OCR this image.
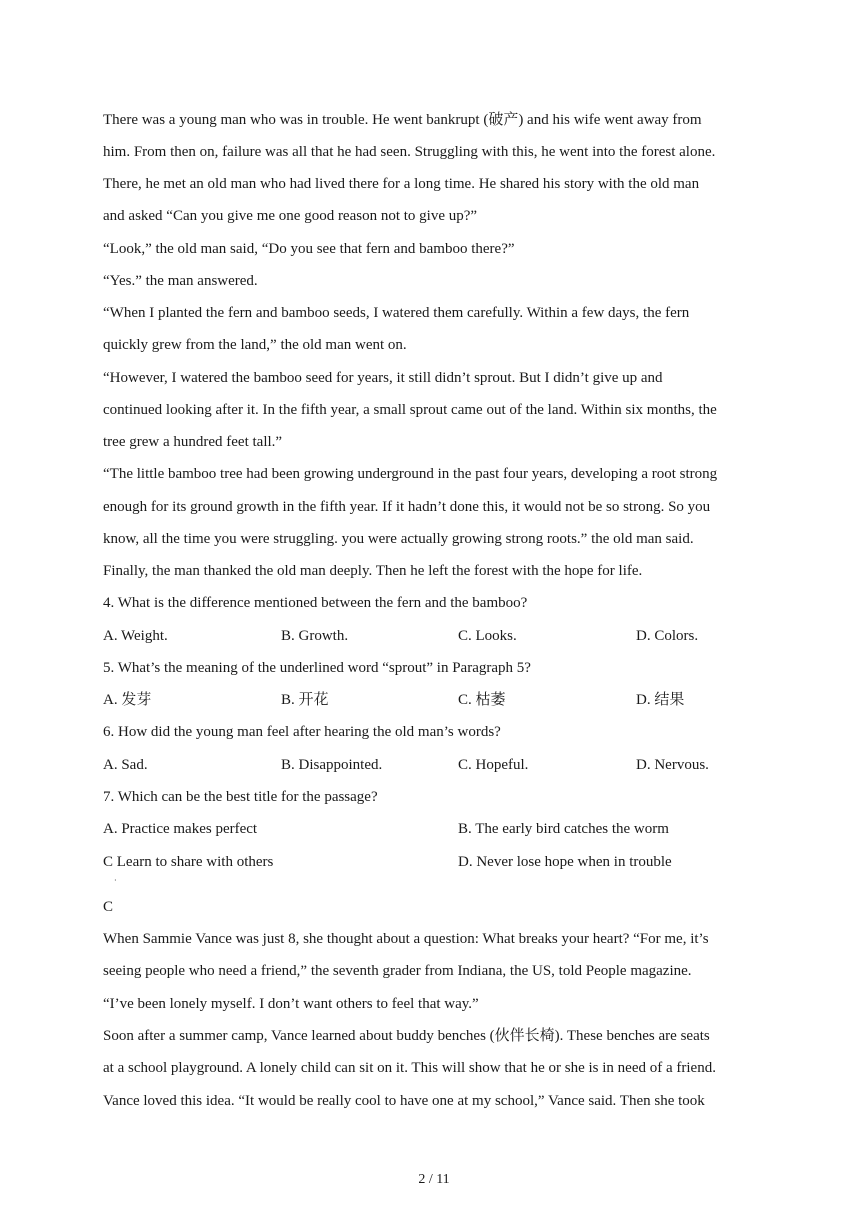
There was a young man who was in trouble. He went bankrupt (破产) and his wife went away from
him. From then on, failure was all that he had seen. Struggling with this, he went into the forest alone.
There, he met an old man who had lived there for a long time. He shared his story with the old man
and asked “Can you give me one good reason not to give up?”
“Look,” the old man said, “Do you see that fern and bamboo there?”
“Yes.” the man answered.
“When I planted the fern and bamboo seeds, I watered them carefully. Within a few days, the fern
quickly grew from the land,” the old man went on.
“However, I watered the bamboo seed for years, it still didn’t sprout. But I didn’t give up and
continued looking after it. In the fifth year, a small sprout came out of the land. Within six months, the
tree grew a hundred feet tall.”
“The little bamboo tree had been growing underground in the past four years, developing a root strong
enough for its ground growth in the fifth year. If it hadn’t done this, it would not be so strong. So you
know, all the time you were struggling. you were actually growing strong roots.” the old man said.
Finally, the man thanked the old man deeply. Then he left the forest with the hope for life.
4. What is the difference mentioned between the fern and the bamboo?
A. Weight.	B. Growth.	C. Looks.	D. Colors.
5. What’s the meaning of the underlined word “sprout” in Paragraph 5?
A. 发芽	B. 开花	C. 枯萎	D. 结果
6. How did the young man feel after hearing the old man’s words?
A. Sad.	B. Disappointed.	C. Hopeful.	D. Nervous.
7. Which can be the best title for the passage?
A. Practice makes perfect	B. The early bird catches the worm
C Learn to share with others	D. Never lose hope when in trouble
·
C
When Sammie Vance was just 8, she thought about a question: What breaks your heart? “For me, it’s
seeing people who need a friend,” the seventh grader from Indiana, the US, told People magazine.
“I’ve been lonely myself. I don’t want others to feel that way.”
Soon after a summer camp, Vance learned about buddy benches (伙伴长椅). These benches are seats
at a school playground. A lonely child can sit on it. This will show that he or she is in need of a friend.
Vance loved this idea. “It would be really cool to have one at my school,” Vance said. Then she took
2 / 11
